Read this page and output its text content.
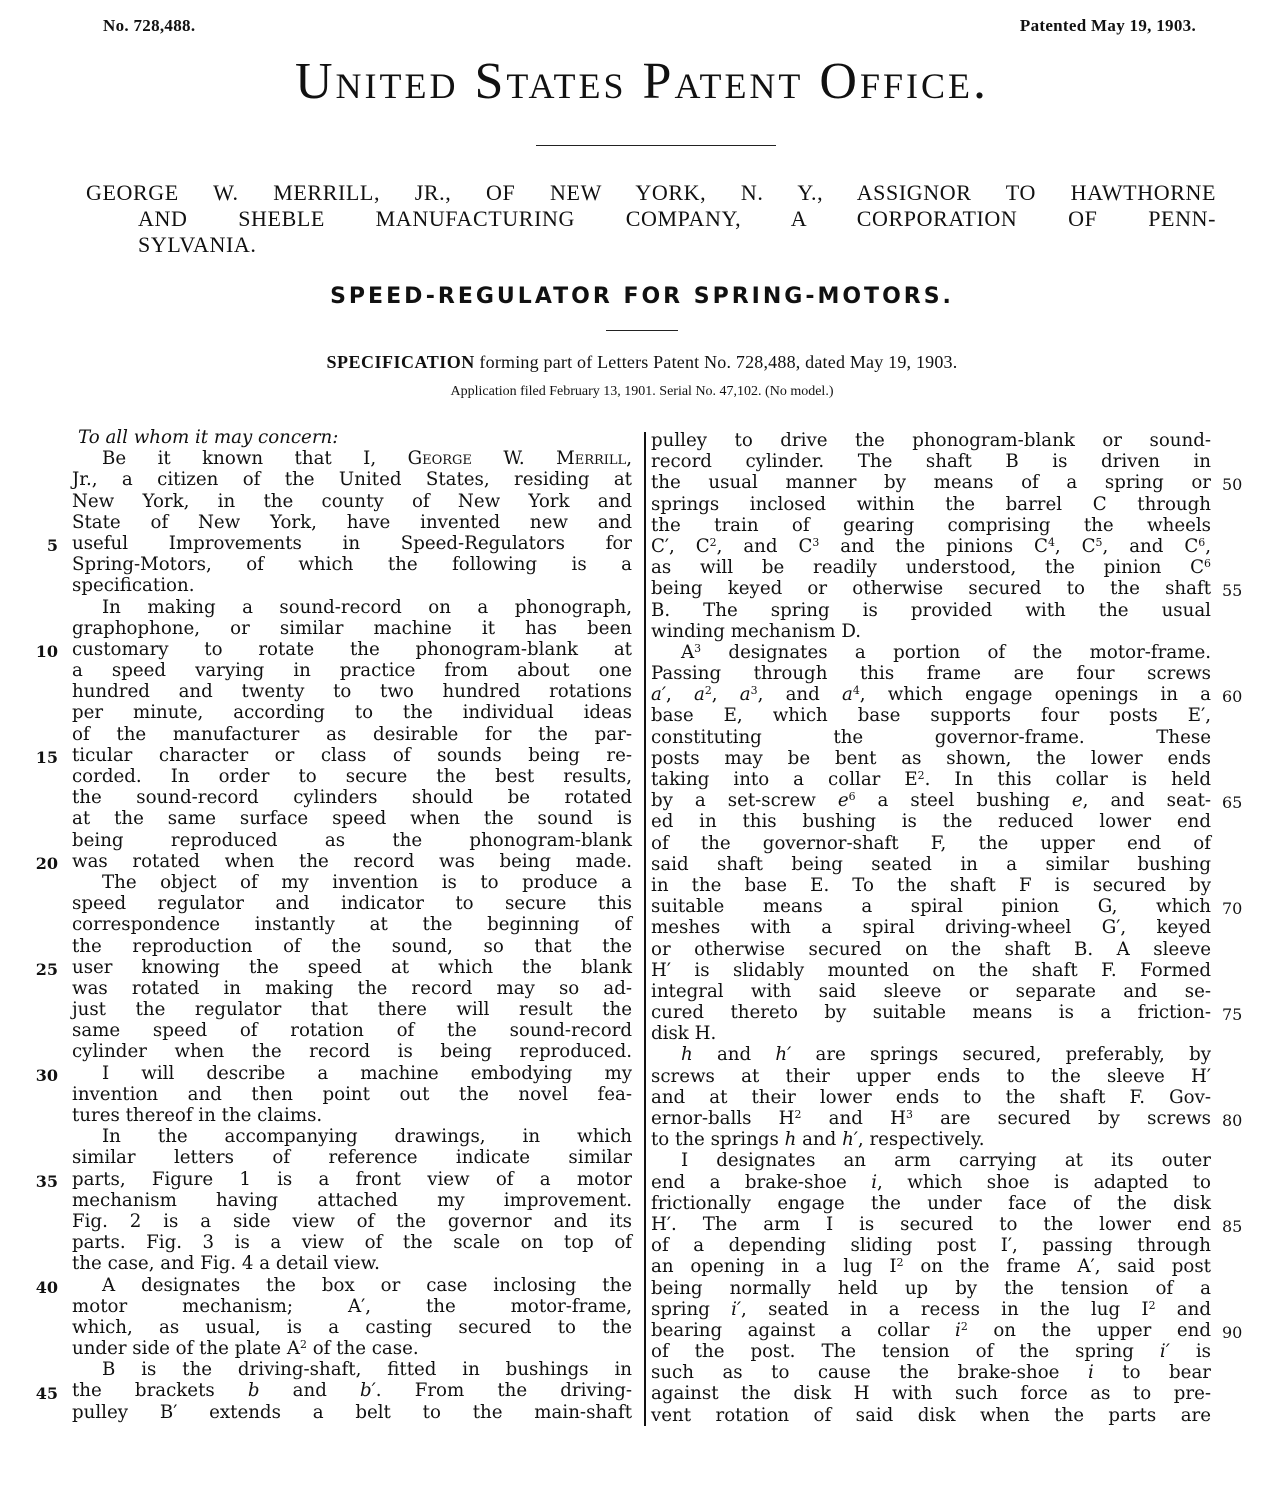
No. 728,488.	Patented May 19, 1903.
United States Patent Office.
GEORGE W. MERRILL, JR., OF NEW YORK, N. Y., ASSIGNOR TO HAWTHORNE
AND SHEBLE MANUFACTURING COMPANY, A CORPORATION OF PENN-
SYLVANIA.
SPEED-REGULATOR FOR SPRING-MOTORS.
SPECIFICATION forming part of Letters Patent No. 728,488, dated May 19, 1903.
Application filed February 13, 1901. Serial No. 47,102. (No model.)
To all whom it may concern:
Be it known that I, George W. Merrill,
Jr., a citizen of the United States, residing at
New York, in the county of New York and
State of New York, have invented new and
useful Improvements in Speed-Regulators for
Spring-Motors, of which the following is a
specification.
In making a sound-record on a phonograph,
graphophone, or similar machine it has been
customary to rotate the phonogram-blank at
a speed varying in practice from about one
hundred and twenty to two hundred rotations
per minute, according to the individual ideas
of the manufacturer as desirable for the par-
ticular character or class of sounds being re-
corded. In order to secure the best results,
the sound-record cylinders should be rotated
at the same surface speed when the sound is
being reproduced as the phonogram-blank
was rotated when the record was being made.
The object of my invention is to produce a
speed regulator and indicator to secure this
correspondence instantly at the beginning of
the reproduction of the sound, so that the
user knowing the speed at which the blank
was rotated in making the record may so ad-
just the regulator that there will result the
same speed of rotation of the sound-record
cylinder when the record is being reproduced.
I will describe a machine embodying my
invention and then point out the novel fea-
tures thereof in the claims.
In the accompanying drawings, in which
similar letters of reference indicate similar
parts, Figure 1 is a front view of a motor
mechanism having attached my improvement.
Fig. 2 is a side view of the governor and its
parts. Fig. 3 is a view of the scale on top of
the case, and Fig. 4 a detail view.
A designates the box or case inclosing the
motor mechanism; A′, the motor-frame,
which, as usual, is a casting secured to the
under side of the plate $A^2$ of the case.
B is the driving-shaft, fitted in bushings in
the brackets b and b′. From the driving-
pulley B′ extends a belt to the main-shaft
pulley to drive the phonogram-blank or sound-
record cylinder. The shaft B is driven in
the usual manner by means of a spring or
springs inclosed within the barrel C through
the train of gearing comprising the wheels
C′, $C^2$, and $C^3$ and the pinions $C^4$, $C^5$, and $C^6$,
as will be readily understood, the pinion $C^6$
being keyed or otherwise secured to the shaft
B. The spring is provided with the usual
winding mechanism D.
$A^3$ designates a portion of the motor-frame.
Passing through this frame are four screws
a′, $a^2$, $a^3$, and $a^4$, which engage openings in a
base E, which base supports four posts E′,
constituting the governor-frame. These
posts may be bent as shown, the lower ends
taking into a collar $E^2$. In this collar is held
by a set-screw $e^6$ a steel bushing e, and seat-
ed in this bushing is the reduced lower end
of the governor-shaft F, the upper end of
said shaft being seated in a similar bushing
in the base E. To the shaft F is secured by
suitable means a spiral pinion G, which
meshes with a spiral driving-wheel G′, keyed
or otherwise secured on the shaft B. A sleeve
H′ is slidably mounted on the shaft F. Formed
integral with said sleeve or separate and se-
cured thereto by suitable means is a friction-
disk H.
h and h′ are springs secured, preferably, by
screws at their upper ends to the sleeve H′
and at their lower ends to the shaft F. Gov-
ernor-balls $H^2$ and $H^3$ are secured by screws
to the springs h and h′, respectively.
I designates an arm carrying at its outer
end a brake-shoe i, which shoe is adapted to
frictionally engage the under face of the disk
H′. The arm I is secured to the lower end
of a depending sliding post I′, passing through
an opening in a lug $I^2$ on the frame A′, said post
being normally held up by the tension of a
spring i′, seated in a recess in the lug $I^2$ and
bearing against a collar $i^2$ on the upper end
of the post. The tension of the spring i′ is
such as to cause the brake-shoe i to bear
against the disk H with such force as to pre-
vent rotation of said disk when the parts are
5
10
15
20
25
30
35
40
45
50
55
60
65
70
75
80
85
90
